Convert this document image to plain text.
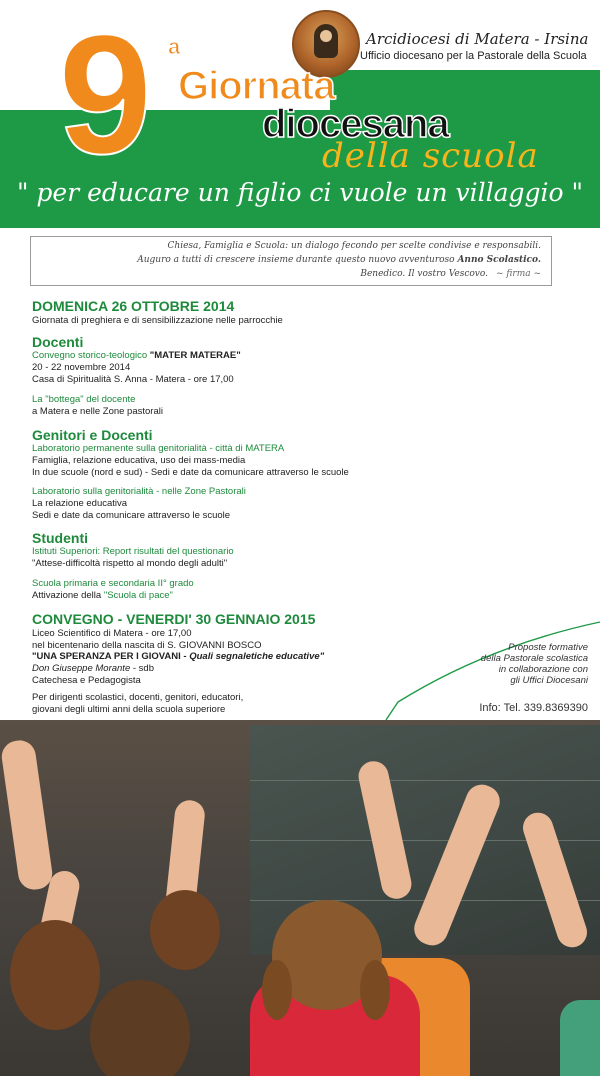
Arcidiocesi di Matera - Irsina
Ufficio diocesano per la Pastorale della Scuola
9 a
Giornata
diocesana
della scuola
" per educare un figlio ci vuole un villaggio "
Chiesa, Famiglia e Scuola: un dialogo fecondo per scelte condivise e responsabili.
Auguro a tutti di crescere insieme durante questo nuovo avventuroso Anno Scolastico.
Benedico. Il vostro Vescovo. ~ firma ~
DOMENICA 26 OTTOBRE 2014
Giornata di preghiera e di sensibilizzazione nelle parrocchie
Docenti
Convegno storico-teologico "MATER MATERAE"
20 - 22 novembre 2014
Casa di Spiritualità S. Anna - Matera - ore 17,00
La "bottega" del docente
a Matera e nelle Zone pastorali
Genitori e Docenti
Laboratorio permanente sulla genitorialità - città di MATERA
Famiglia, relazione educativa, uso dei mass-media
In due scuole (nord e sud) - Sedi e date da comunicare attraverso le scuole
Laboratorio sulla genitorialità - nelle Zone Pastorali
La relazione educativa
Sedi e date da comunicare attraverso le scuole
Studenti
Istituti Superiori: Report risultati del questionario
"Attese-difficoltà rispetto al mondo degli adulti"
Scuola primaria e secondaria II° grado
Attivazione della "Scuola di pace"
CONVEGNO - VENERDI' 30 GENNAIO 2015
Liceo Scientifico di Matera - ore 17,00
nel bicentenario della nascita di S. GIOVANNI BOSCO
"UNA SPERANZA PER I GIOVANI - Quali segnaletiche educative"
Don Giuseppe Morante - sdb
Catechesa e Pedagogista
Per dirigenti scolastici, docenti, genitori, educatori,
giovani degli ultimi anni della scuola superiore
Proposte formative
della Pastorale scolastica
in collaborazione con
gli Uffici Diocesani
Info: Tel. 339.8369390
